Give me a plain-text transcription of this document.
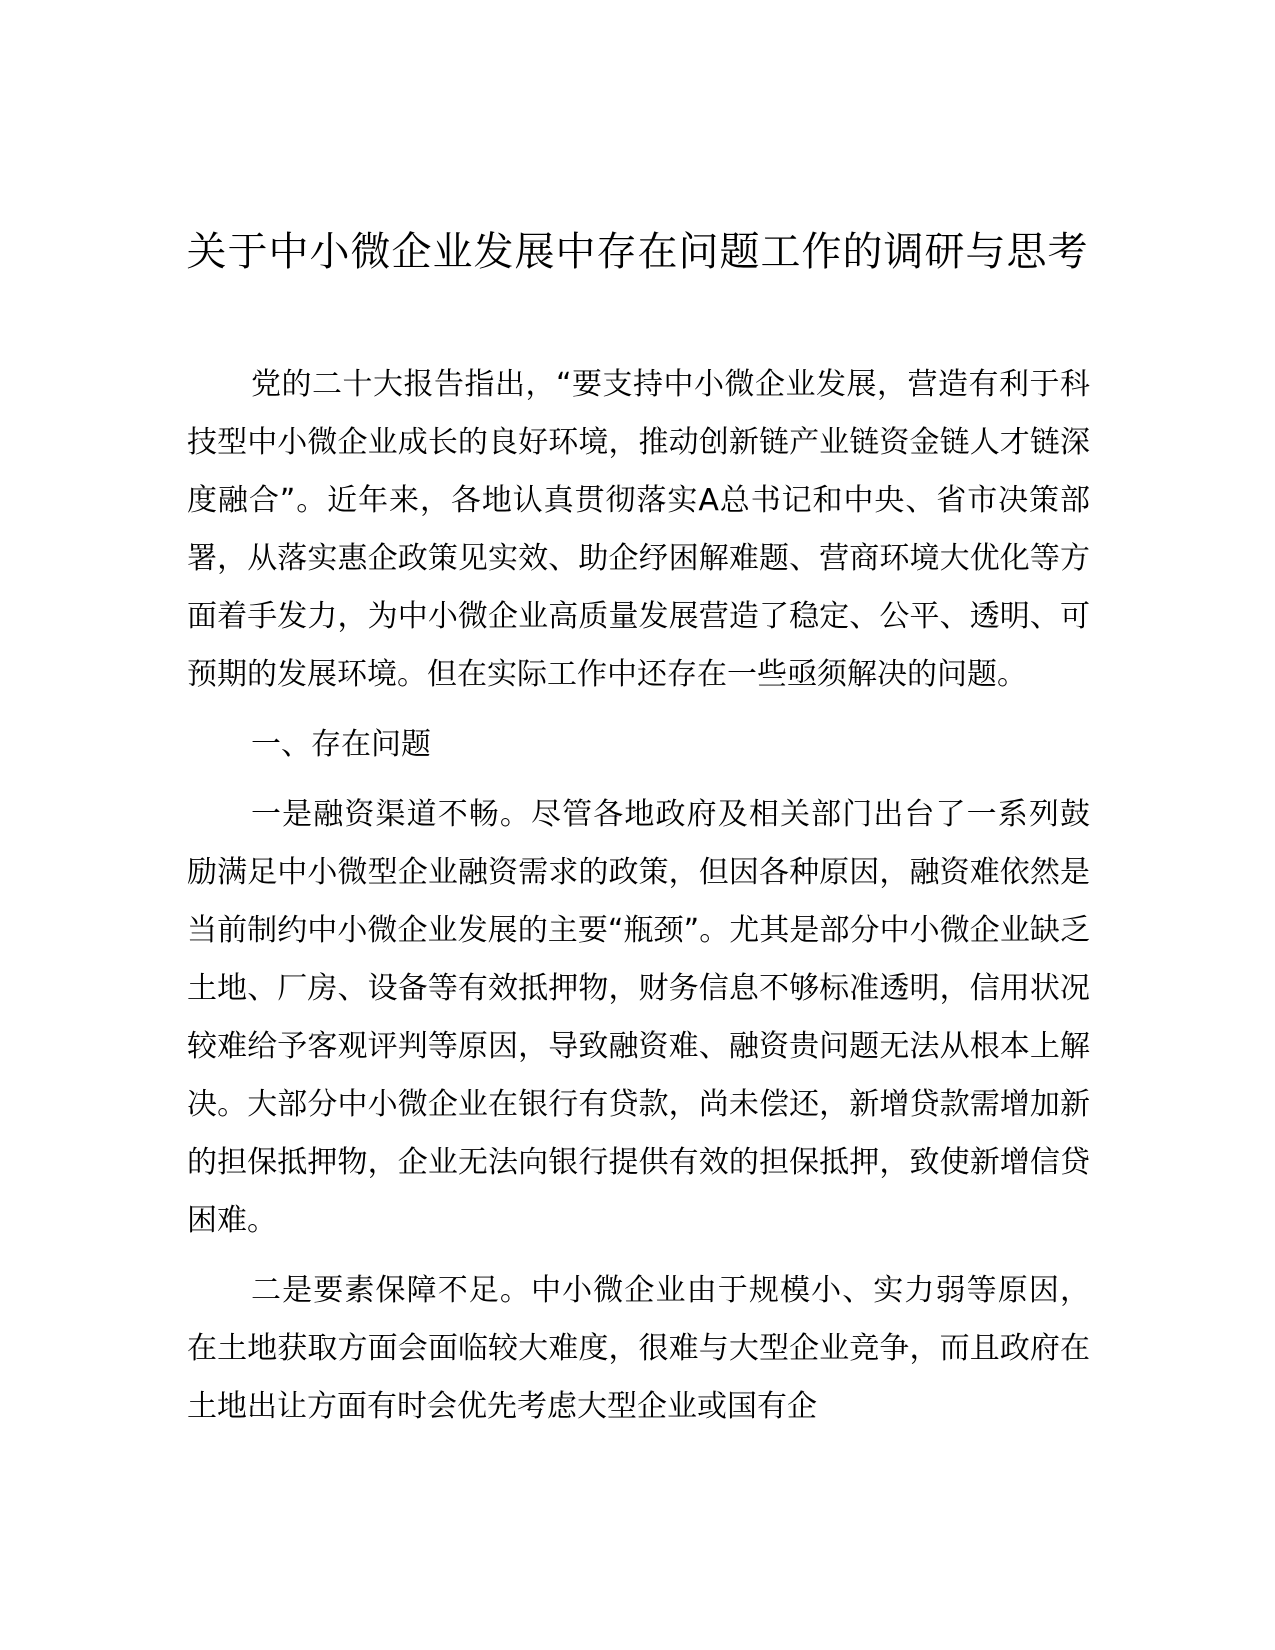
关于中小微企业发展中存在问题工作的调研与思考

党的二十大报告指出，“要支持中小微企业发展，营造有利于科技型中小微企业成长的良好环境，推动创新链产业链资金链人才链深度融合”。近年来，各地认真贯彻落实A总书记和中央、省市决策部署，从落实惠企政策见实效、助企纾困解难题、营商环境大优化等方面着手发力，为中小微企业高质量发展营造了稳定、公平、透明、可预期的发展环境。但在实际工作中还存在一些亟须解决的问题。

一、存在问题

一是融资渠道不畅。尽管各地政府及相关部门出台了一系列鼓励满足中小微型企业融资需求的政策，但因各种原因，融资难依然是当前制约中小微企业发展的主要“瓶颈”。尤其是部分中小微企业缺乏土地、厂房、设备等有效抵押物，财务信息不够标准透明，信用状况较难给予客观评判等原因，导致融资难、融资贵问题无法从根本上解决。大部分中小微企业在银行有贷款，尚未偿还，新增贷款需增加新的担保抵押物，企业无法向银行提供有效的担保抵押，致使新增信贷困难。

二是要素保障不足。中小微企业由于规模小、实力弱等原因，在土地获取方面会面临较大难度，很难与大型企业竞争，而且政府在土地出让方面有时会优先考虑大型企业或国有企
